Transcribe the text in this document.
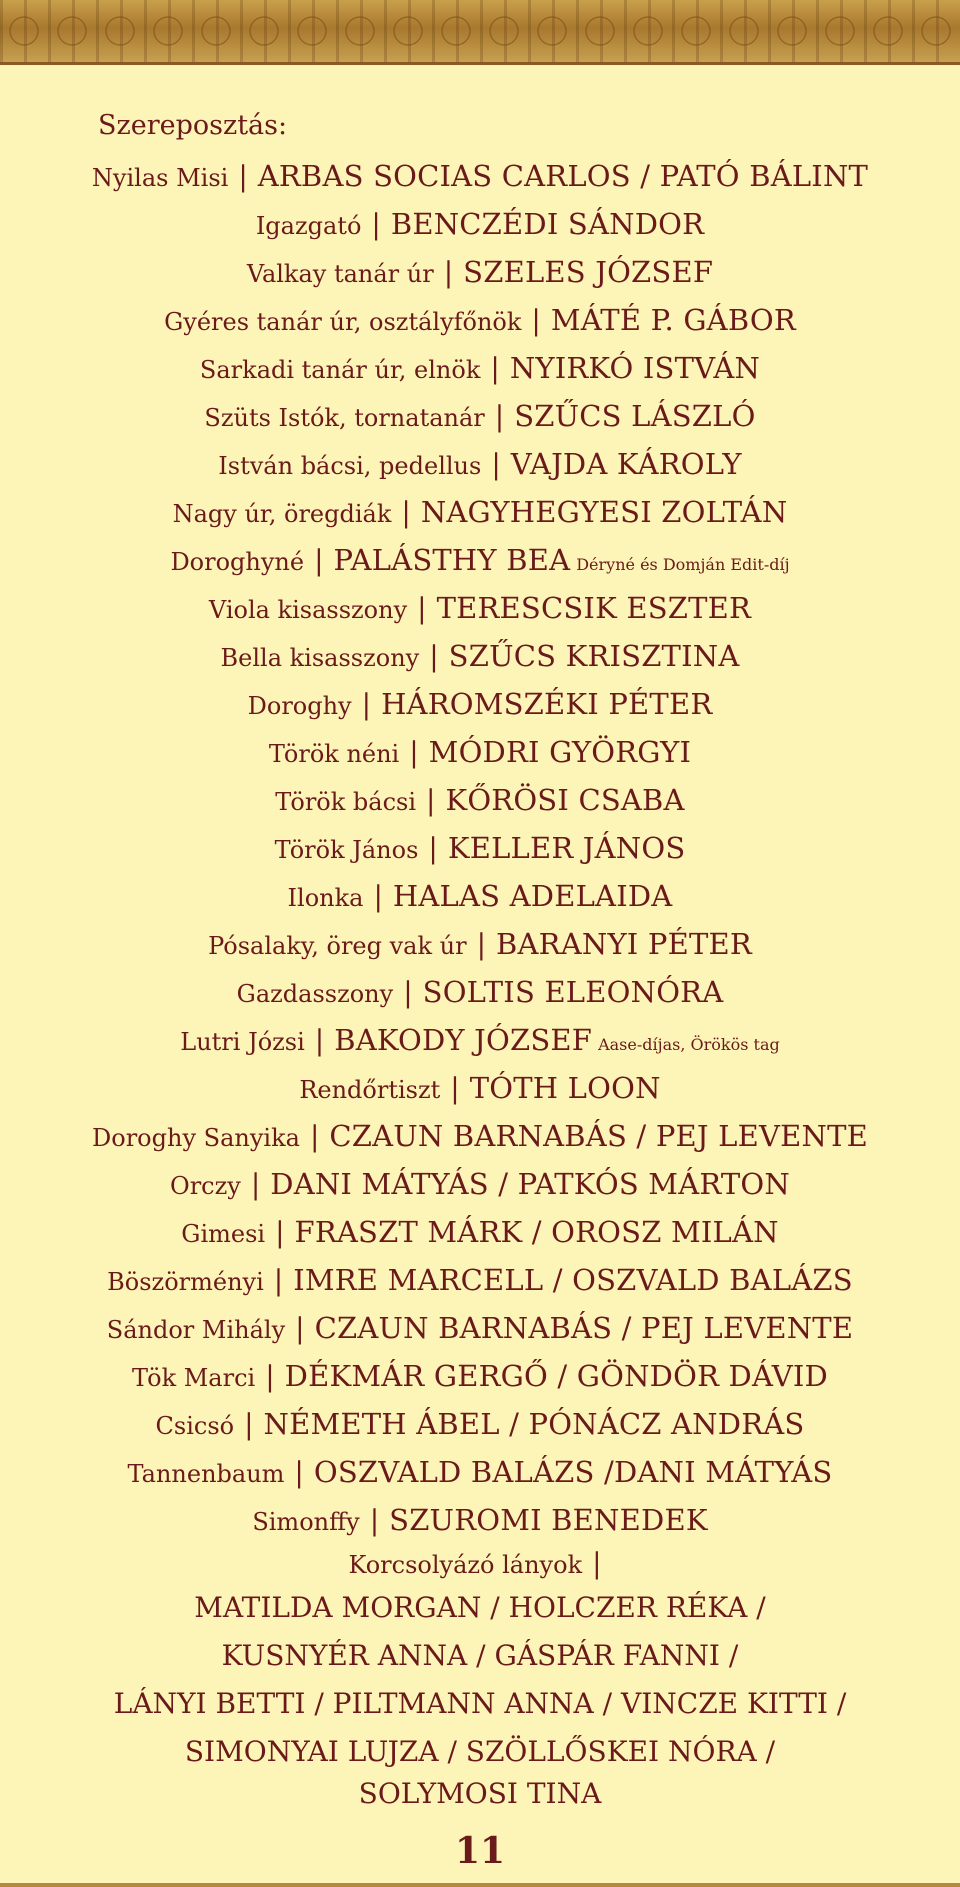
Szereposztás:
Nyilas Misi | ARBAS SOCIAS CARLOS / PATÓ BÁLINT
Igazgató | BENCZÉDI SÁNDOR
Valkay tanár úr | SZELES JÓZSEF
Gyéres tanár úr, osztályfőnök | MÁTÉ P. GÁBOR
Sarkadi tanár úr, elnök | NYIRKÓ ISTVÁN
Szüts Istók, tornatanár | SZŰCS LÁSZLÓ
István bácsi, pedellus | VAJDA KÁROLY
Nagy úr, öregdiák | NAGYHEGYESI ZOLTÁN
Doroghyné | PALÁSTHY BEA Déryné és Domján Edit-díj
Viola kisasszony | TERESCSIK ESZTER
Bella kisasszony | SZŰCS KRISZTINA
Doroghy | HÁROMSZÉKI PÉTER
Török néni | MÓDRI GYÖRGYI
Török bácsi | KŐRÖSI CSABA
Török János | KELLER JÁNOS
Ilonka | HALAS ADELAIDA
Pósalaky, öreg vak úr | BARANYI PÉTER
Gazdasszony | SOLTIS ELEONÓRA
Lutri Józsi | BAKODY JÓZSEF Aase-díjas, Örökös tag
Rendőrtiszt | TÓTH LOON
Doroghy Sanyika | CZAUN BARNABÁS / PEJ LEVENTE
Orczy | DANI MÁTYÁS / PATKÓS MÁRTON
Gimesi | FRASZT MÁRK / OROSZ MILÁN
Böszörményi | IMRE MARCELL / OSZVALD BALÁZS
Sándor Mihály | CZAUN BARNABÁS / PEJ LEVENTE
Tök Marci | DÉKMÁR GERGŐ / GÖNDÖR DÁVID
Csicsó | NÉMETH ÁBEL / PÓNÁCZ ANDRÁS
Tannenbaum | OSZVALD BALÁZS /DANI MÁTYÁS
Simonffy | SZUROMI BENEDEK
Korcsolyázó lányok |
MATILDA MORGAN / HOLCZER RÉKA /
KUSNYÉR ANNA / GÁSPÁR FANNI /
LÁNYI BETTI / PILTMANN ANNA / VINCZE KITTI /
SIMONYAI LUJZA / SZÖLLŐSKEI NÓRA /
SOLYMOSI TINA
11
